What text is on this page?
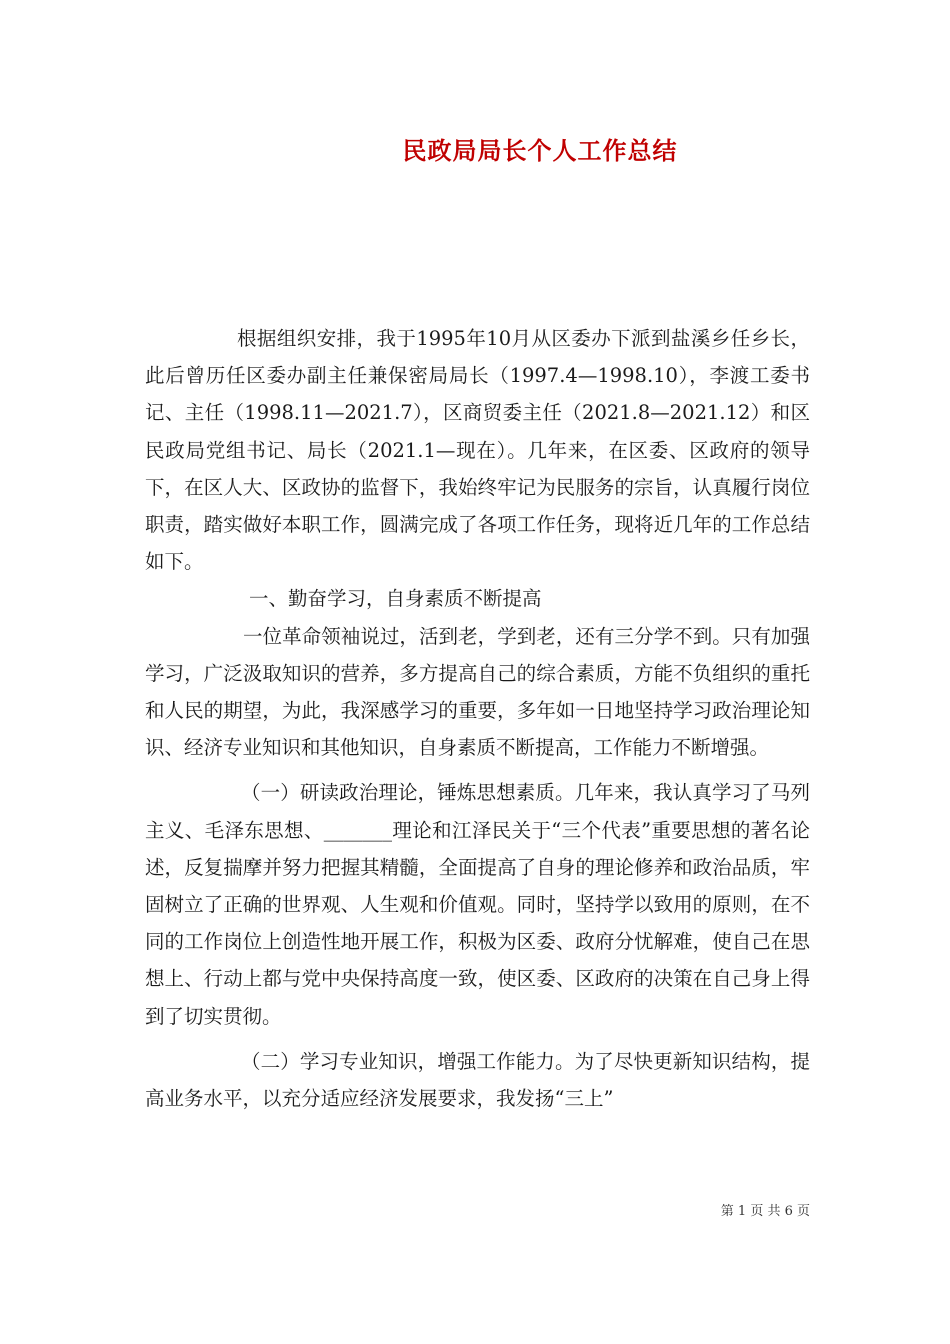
民政局局长个人工作总结

根据组织安排，我于1995年10月从区委办下派到盐溪乡任乡长，此后曾历任区委办副主任兼保密局局长（1997.4—1998.10），李渡工委书记、主任（1998.11—2021.7），区商贸委主任（2021.8—2021.12）和区民政局党组书记、局长（2021.1—现在）。几年来，在区委、区政府的领导下，在区人大、区政协的监督下，我始终牢记为民服务的宗旨，认真履行岗位职责，踏实做好本职工作，圆满完成了各项工作任务，现将近几年的工作总结如下。

一、勤奋学习，自身素质不断提高

一位革命领袖说过，活到老，学到老，还有三分学不到。只有加强学习，广泛汲取知识的营养，多方提高自己的综合素质，方能不负组织的重托和人民的期望，为此，我深感学习的重要，多年如一日地坚持学习政治理论知识、经济专业知识和其他知识，自身素质不断提高，工作能力不断增强。

（一）研读政治理论，锤炼思想素质。几年来，我认真学习了马列主义、毛泽东思想、_______理论和江泽民关于“三个代表”重要思想的著名论述，反复揣摩并努力把握其精髓，全面提高了自身的理论修养和政治品质，牢固树立了正确的世界观、人生观和价值观。同时，坚持学以致用的原则，在不同的工作岗位上创造性地开展工作，积极为区委、政府分忧解难，使自己在思想上、行动上都与党中央保持高度一致，使区委、区政府的决策在自己身上得到了切实贯彻。

（二）学习专业知识，增强工作能力。为了尽快更新知识结构，提高业务水平，以充分适应经济发展要求，我发扬“三上”

第 1 页 共 6 页
